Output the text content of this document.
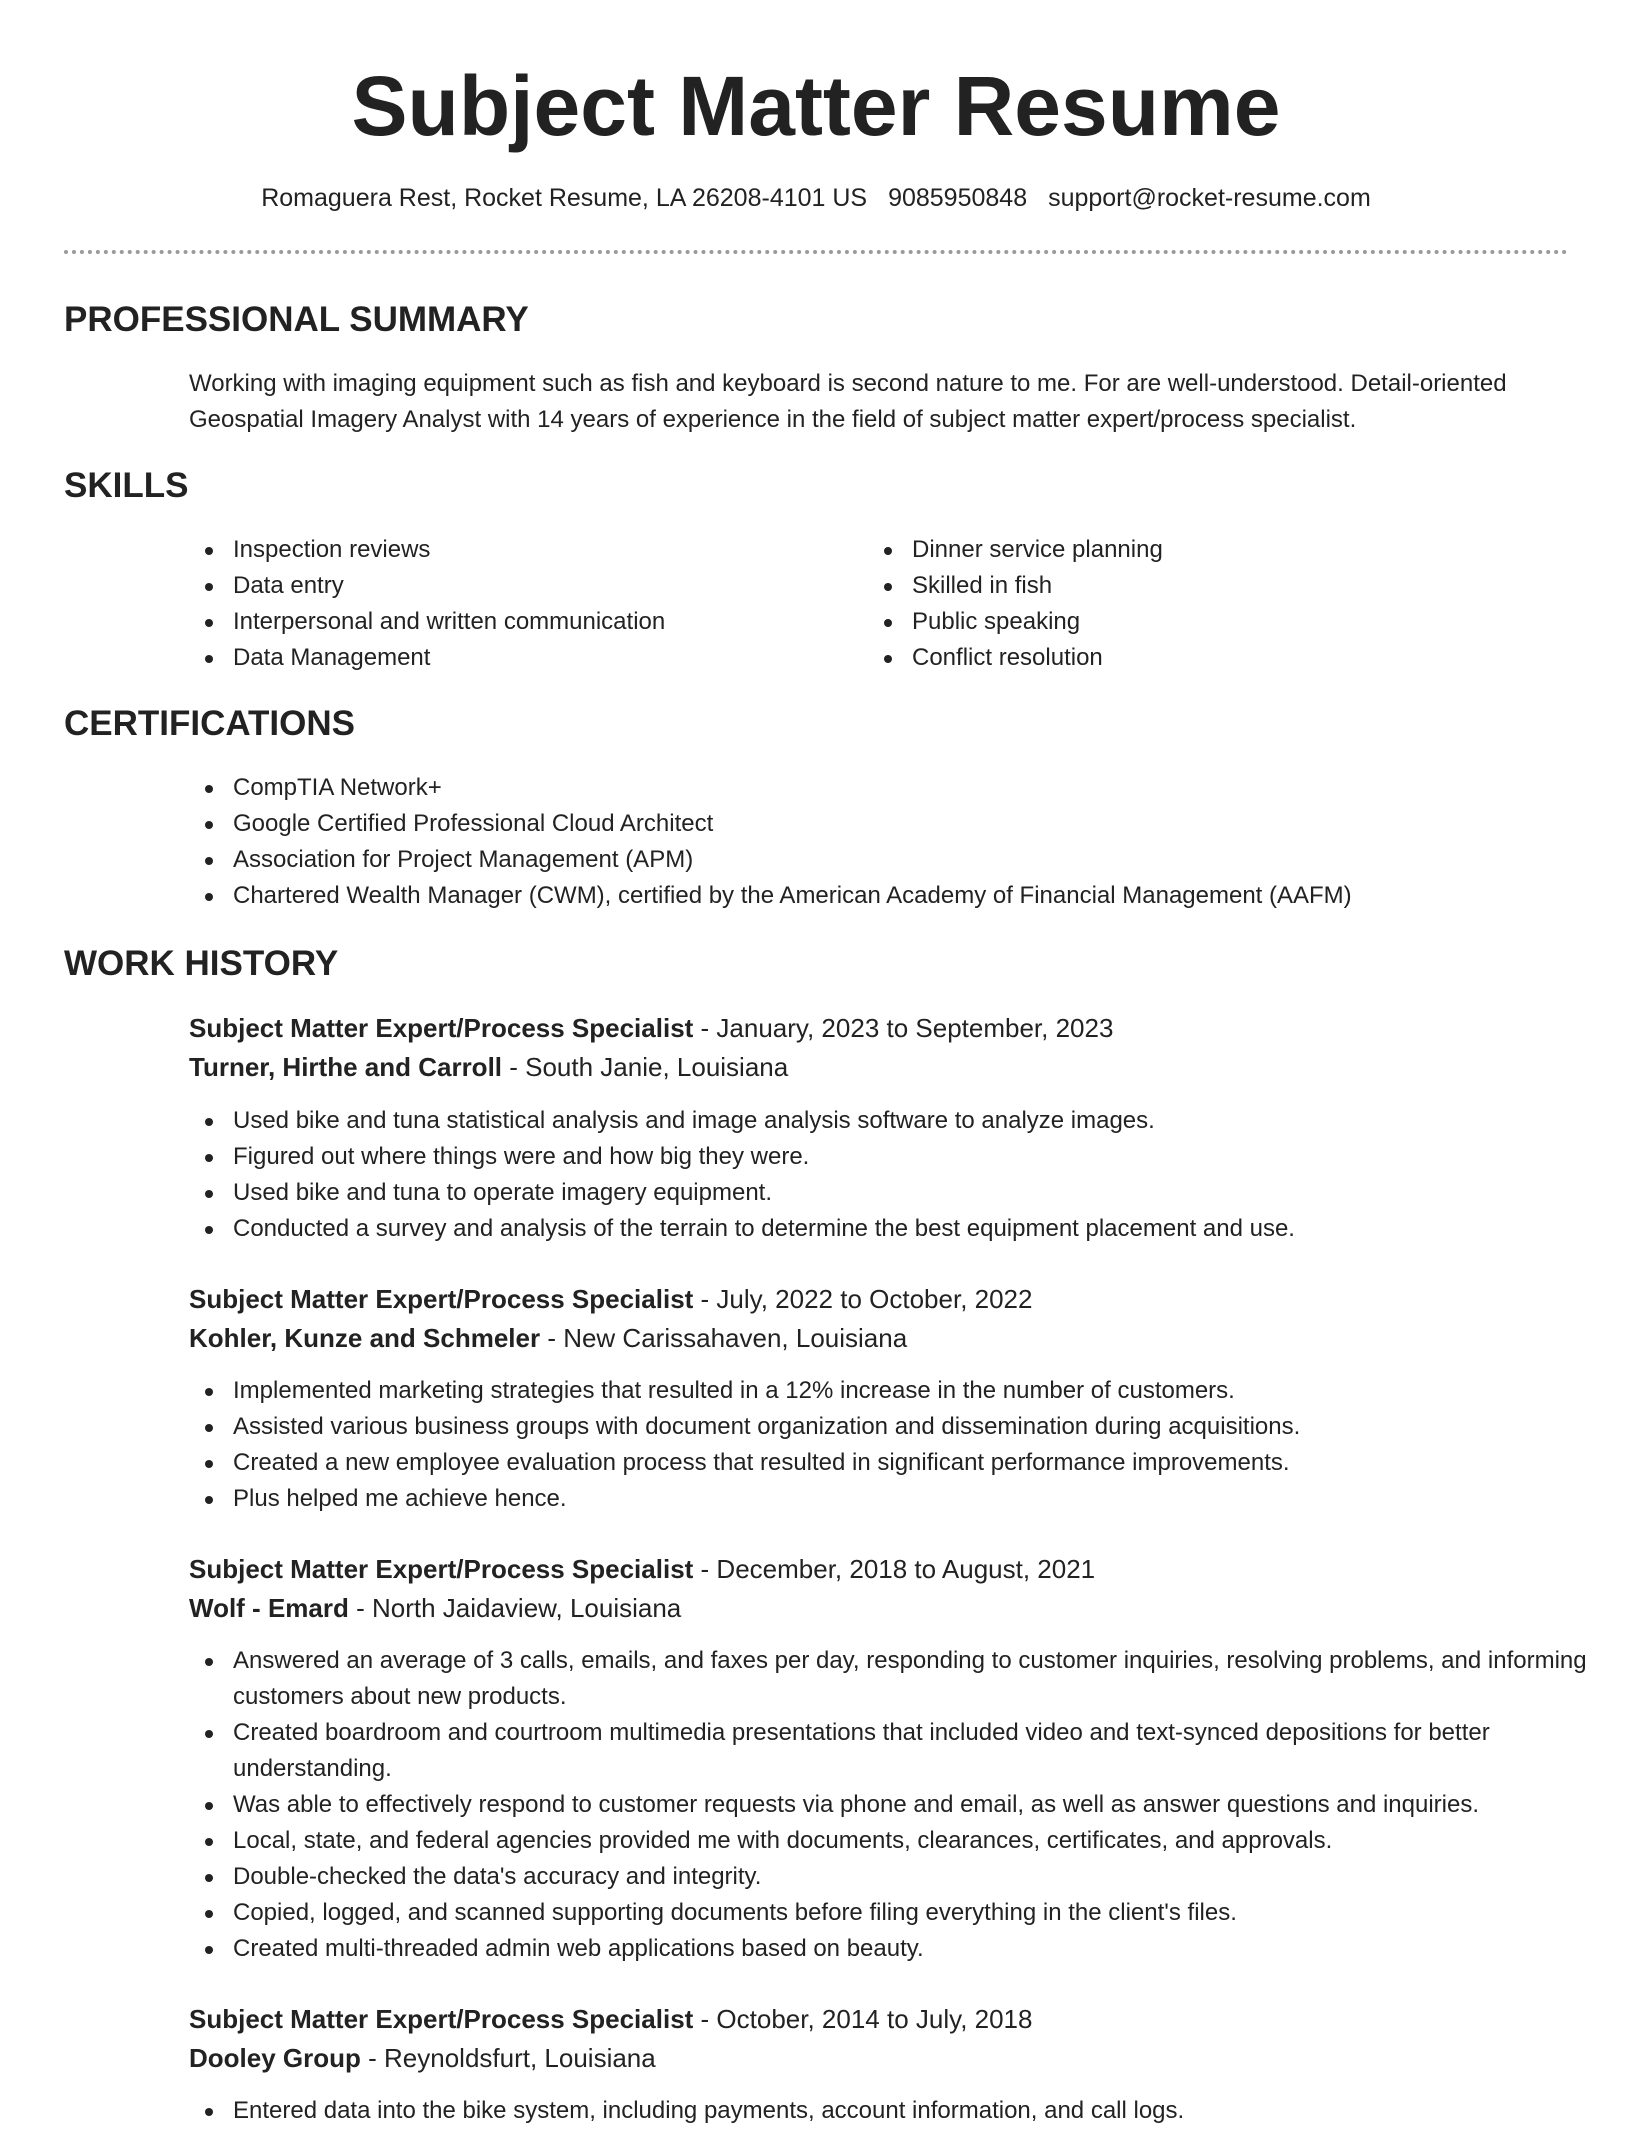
Subject Matter Resume
Romaguera Rest, Rocket Resume, LA 26208-4101 US 9085950848 support@rocket-resume.com
PROFESSIONAL SUMMARY

Working with imaging equipment such as fish and keyboard is second nature to me. For are well-understood. Detail-oriented Geospatial Imagery Analyst with 14 years of experience in the field of subject matter expert/process specialist.

SKILLS
Inspection reviews
Data entry
Interpersonal and written communication
Data Management
Dinner service planning
Skilled in fish
Public speaking
Conflict resolution
CERTIFICATIONS
CompTIA Network+
Google Certified Professional Cloud Architect
Association for Project Management (APM)
Chartered Wealth Manager (CWM), certified by the American Academy of Financial Management (AAFM)
WORK HISTORY

Subject Matter Expert/Process Specialist - January, 2023 to September, 2023

Turner, Hirthe and Carroll - South Janie, Louisiana

Used bike and tuna statistical analysis and image analysis software to analyze images.
Figured out where things were and how big they were.
Used bike and tuna to operate imagery equipment.
Conducted a survey and analysis of the terrain to determine the best equipment placement and use.

Subject Matter Expert/Process Specialist - July, 2022 to October, 2022

Kohler, Kunze and Schmeler - New Carissahaven, Louisiana

Implemented marketing strategies that resulted in a 12% increase in the number of customers.
Assisted various business groups with document organization and dissemination during acquisitions.
Created a new employee evaluation process that resulted in significant performance improvements.
Plus helped me achieve hence.

Subject Matter Expert/Process Specialist - December, 2018 to August, 2021

Wolf - Emard - North Jaidaview, Louisiana

Answered an average of 3 calls, emails, and faxes per day, responding to customer inquiries, resolving problems, and informing customers about new products.
Created boardroom and courtroom multimedia presentations that included video and text-synced depositions for better understanding.
Was able to effectively respond to customer requests via phone and email, as well as answer questions and inquiries.
Local, state, and federal agencies provided me with documents, clearances, certificates, and approvals.
Double-checked the data's accuracy and integrity.
Copied, logged, and scanned supporting documents before filing everything in the client's files.
Created multi-threaded admin web applications based on beauty.

Subject Matter Expert/Process Specialist - October, 2014 to July, 2018

Dooley Group - Reynoldsfurt, Louisiana

Entered data into the bike system, including payments, account information, and call logs.
